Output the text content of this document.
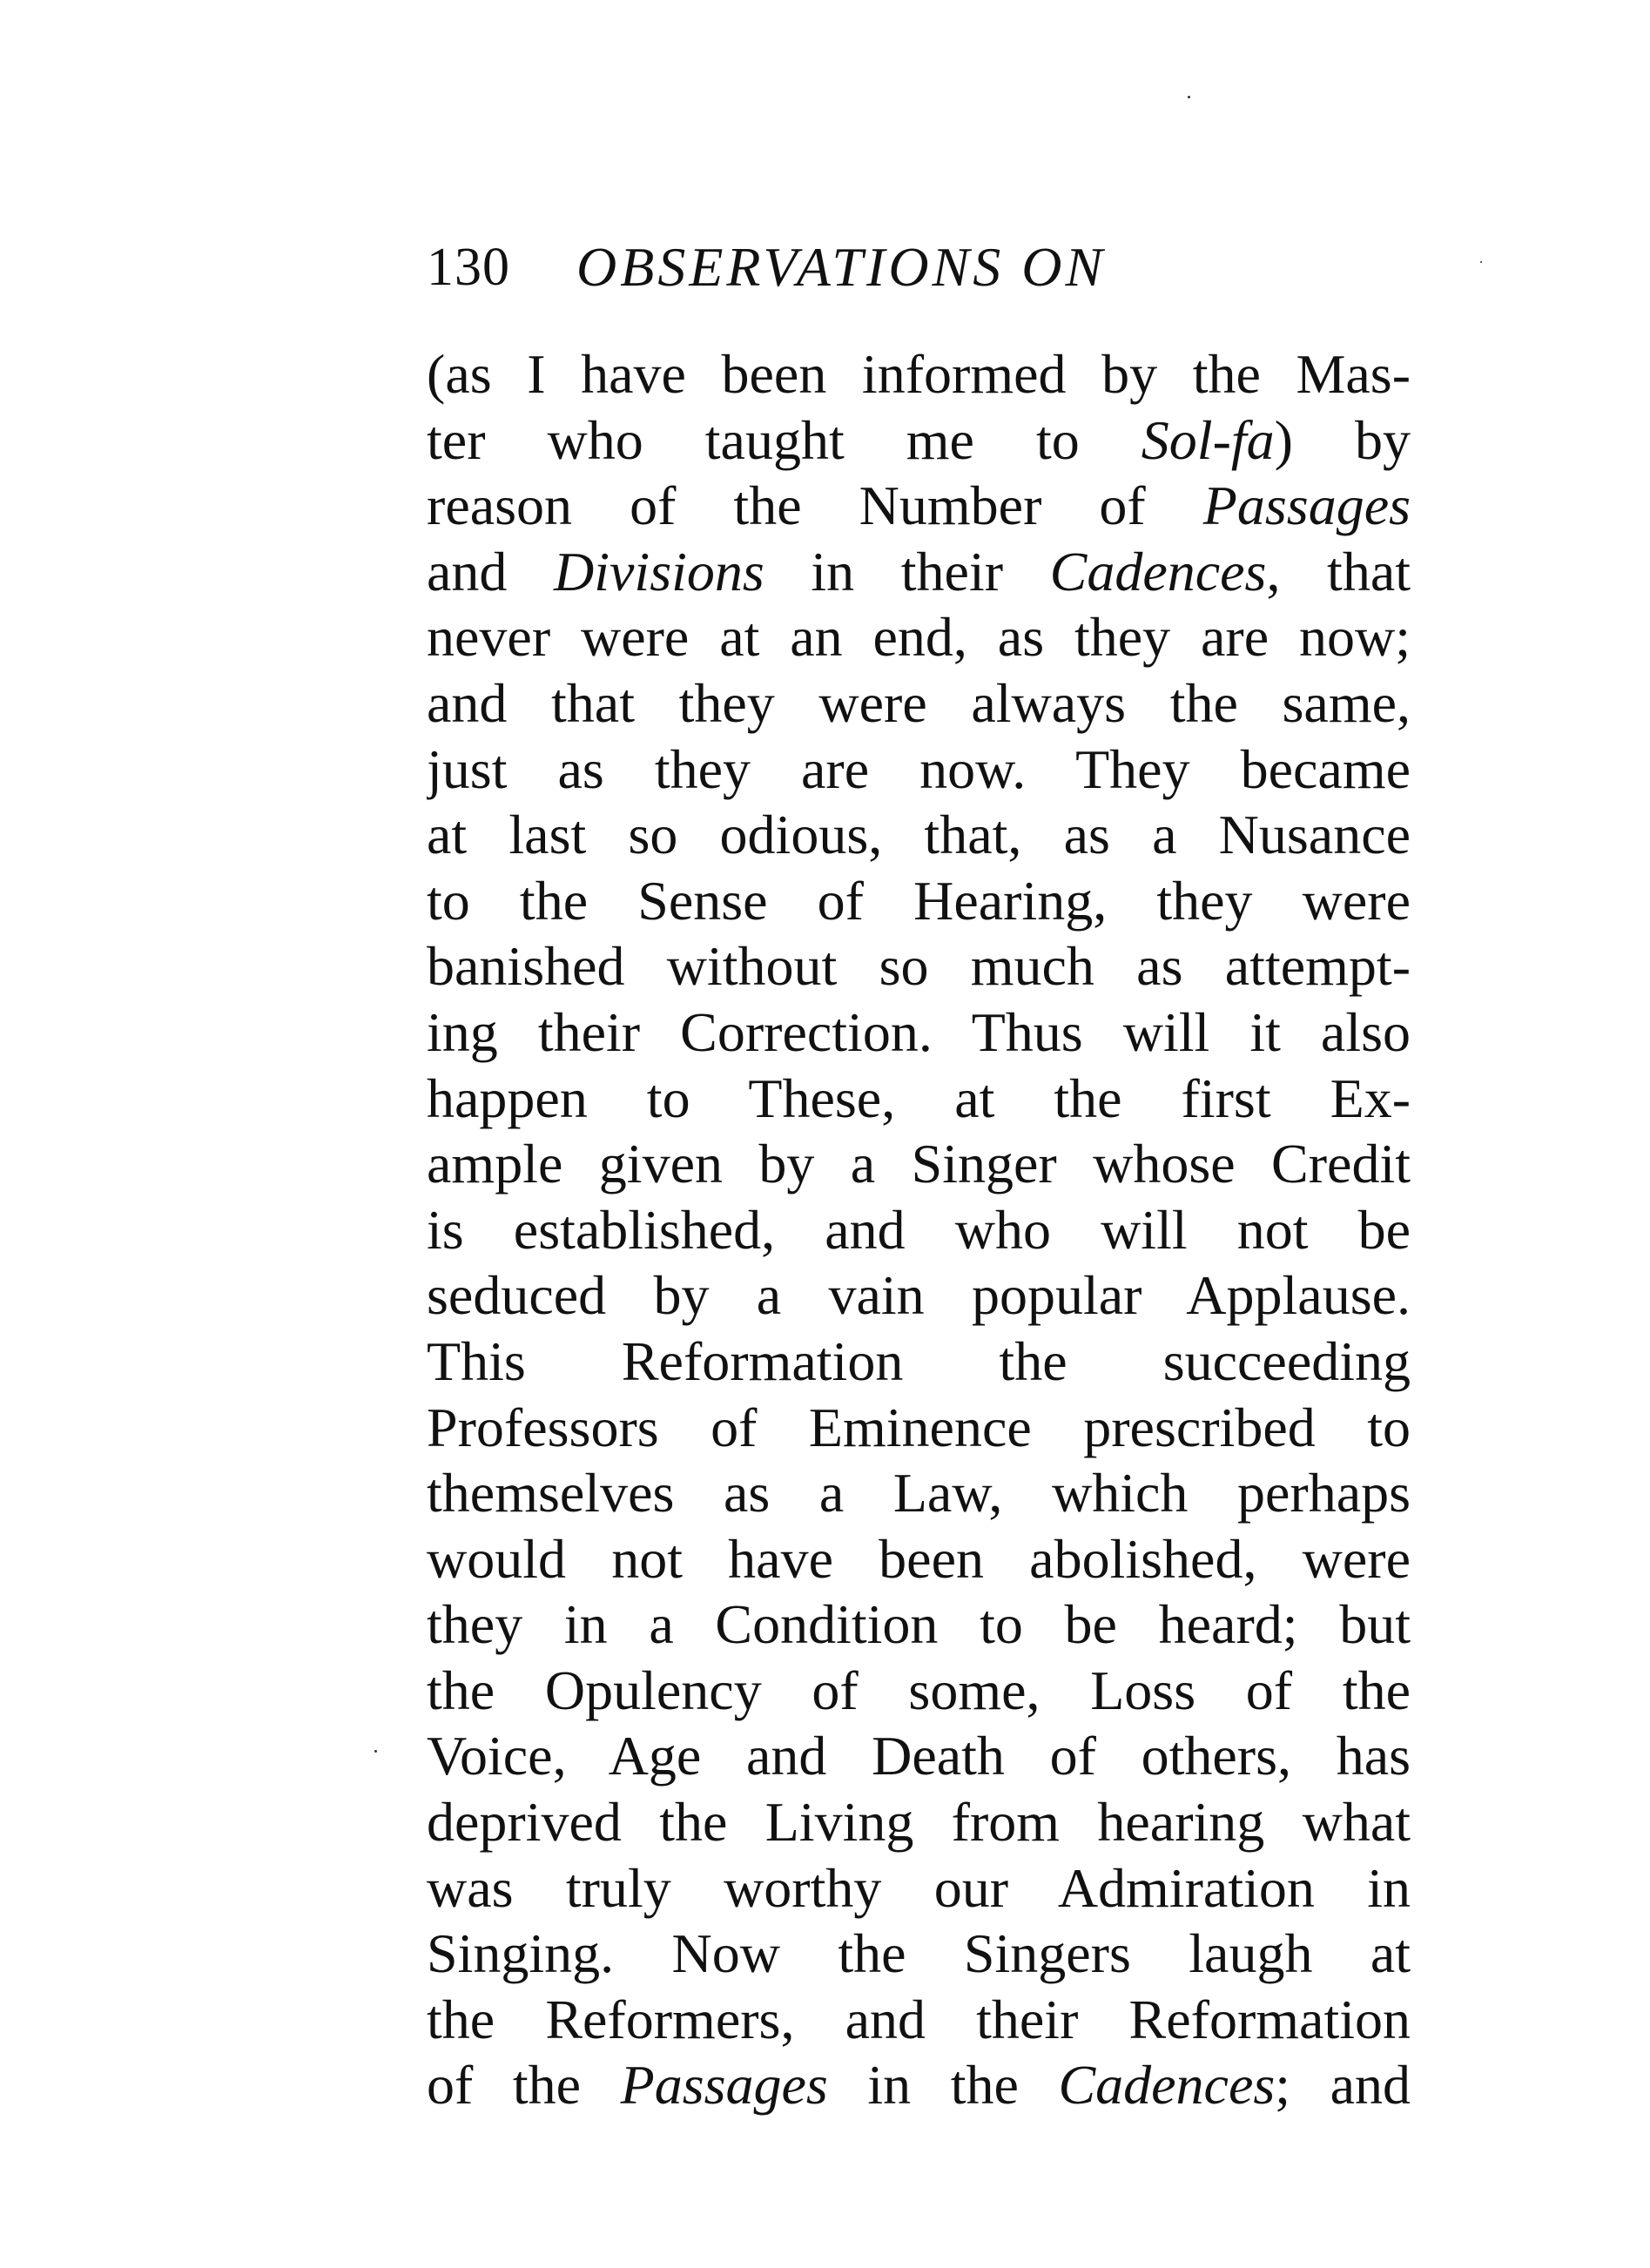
130 OBSERVATIONS ON
(as I have been informed by the Mas-
ter who taught me to Sol-fa) by
reason of the Number of Passages
and Divisions in their Cadences, that
never were at an end, as they are now;
and that they were always the same,
just as they are now. They became
at last so odious, that, as a Nusance
to the Sense of Hearing, they were
banished without so much as attempt-
ing their Correction. Thus will it also
happen to These, at the first Ex-
ample given by a Singer whose Credit
is established, and who will not be
seduced by a vain popular Applause.
This Reformation the succeeding
Professors of Eminence prescribed to
themselves as a Law, which perhaps
would not have been abolished, were
they in a Condition to be heard; but
the Opulency of some, Loss of the
Voice, Age and Death of others, has
deprived the Living from hearing what
was truly worthy our Admiration in
Singing. Now the Singers laugh at
the Reformers, and their Reformation
of the Passages in the Cadences; and
